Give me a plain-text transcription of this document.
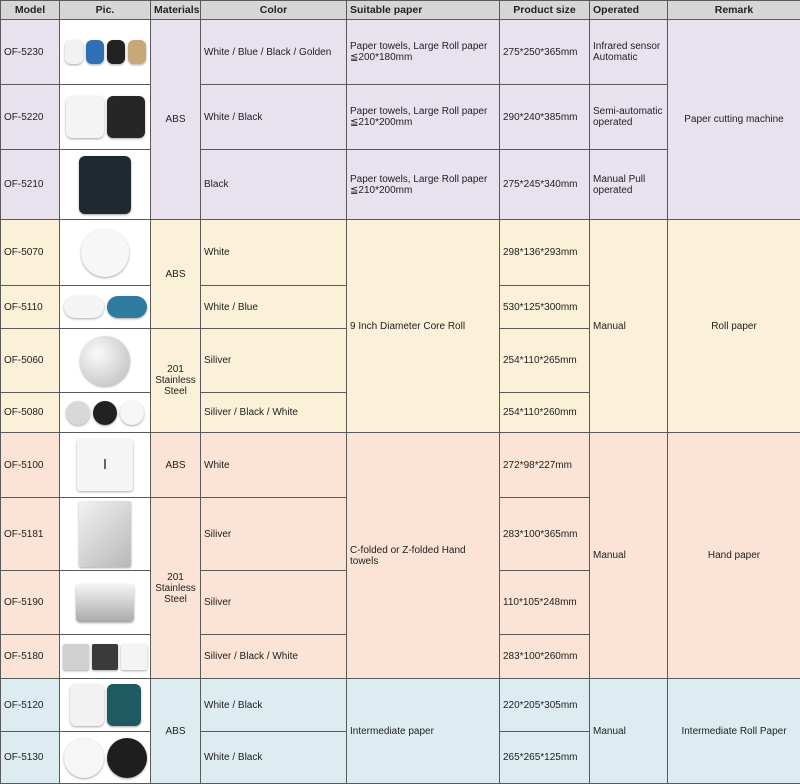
Model	Pic.	Materials	Color	Suitable paper	Product size	Operated	Remark
OF-5230		ABS	White / Blue / Black / Golden	Paper towels, Large Roll paper ≦200*180mm	275*250*365mm	Infrared sensor Automatic	Paper cutting machine
OF-5220			White / Black	Paper towels, Large Roll paper ≦210*200mm	290*240*385mm	Semi-automatic operated	
OF-5210			Black	Paper towels, Large Roll paper ≦210*200mm	275*245*340mm	Manual Pull operated	
OF-5070		ABS	White	9 Inch Diameter Core Roll	298*136*293mm	Manual	Roll paper
OF-5110			White / Blue		530*125*300mm		
OF-5060		201 Stainless Steel	Siliver		254*110*265mm		
OF-5080			Siliver / Black / White		254*110*260mm		
OF-5100		ABS	White	C-folded or Z-folded Hand towels	272*98*227mm	Manual	Hand paper
OF-5181		201 Stainless Steel	Siliver		283*100*365mm		
OF-5190			Siliver		110*105*248mm		
OF-5180			Siliver / Black / White		283*100*260mm		
OF-5120		ABS	White / Black	Intermediate paper	220*205*305mm	Manual	Intermediate Roll Paper
OF-5130			White / Black		265*265*125mm		
